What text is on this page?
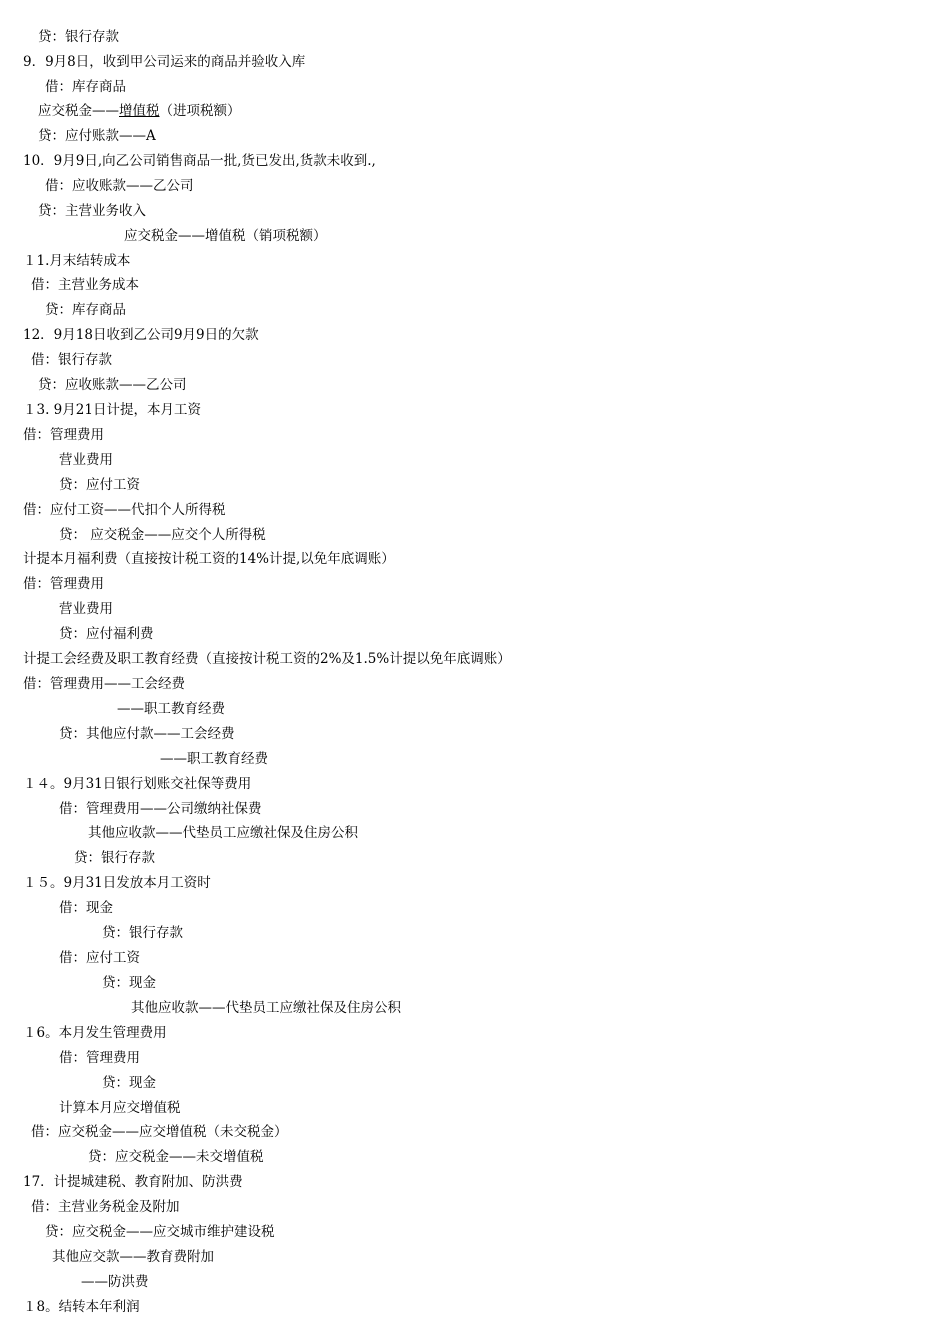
贷：银行存款
9．9月8日，收到甲公司运来的商品并验收入库
借：库存商品
应交税金——增值税（进项税额）
贷：应付账款——A
10．9月9日,向乙公司销售商品一批,货已发出,货款未收到.,
借：应收账款——乙公司
贷：主营业务收入
应交税金——增值税（销项税额）
１1.月末结转成本
借：主营业务成本
贷：库存商品
12．9月18日收到乙公司9月9日的欠款
借：银行存款
贷：应收账款——乙公司
１3. 9月21日计提，本月工资
借：管理费用
营业费用
贷：应付工资
借：应付工资——代扣个人所得税
贷： 应交税金——应交个人所得税
计提本月福利费（直接按计税工资的14%计提,以免年底调账）
借：管理费用
营业费用
贷：应付福利费
计提工会经费及职工教育经费（直接按计税工资的2%及1.5%计提以免年底调账）
借：管理费用——工会经费
——职工教育经费
贷：其他应付款——工会经费
——职工教育经费
１４。9月31日银行划账交社保等费用
借：管理费用——公司缴纳社保费
其他应收款——代垫员工应缴社保及住房公积
贷：银行存款
１５。9月31日发放本月工资时
借：现金
贷：银行存款
借：应付工资
贷：现金
其他应收款——代垫员工应缴社保及住房公积
１6。本月发生管理费用
借：管理费用
贷：现金
计算本月应交增值税
借：应交税金——应交增值税（未交税金）
贷：应交税金——未交增值税
17．计提城建税、教育附加、防洪费
借：主营业务税金及附加
贷：应交税金——应交城市维护建设税
其他应交款——教育费附加
——防洪费
１8。结转本年利润
